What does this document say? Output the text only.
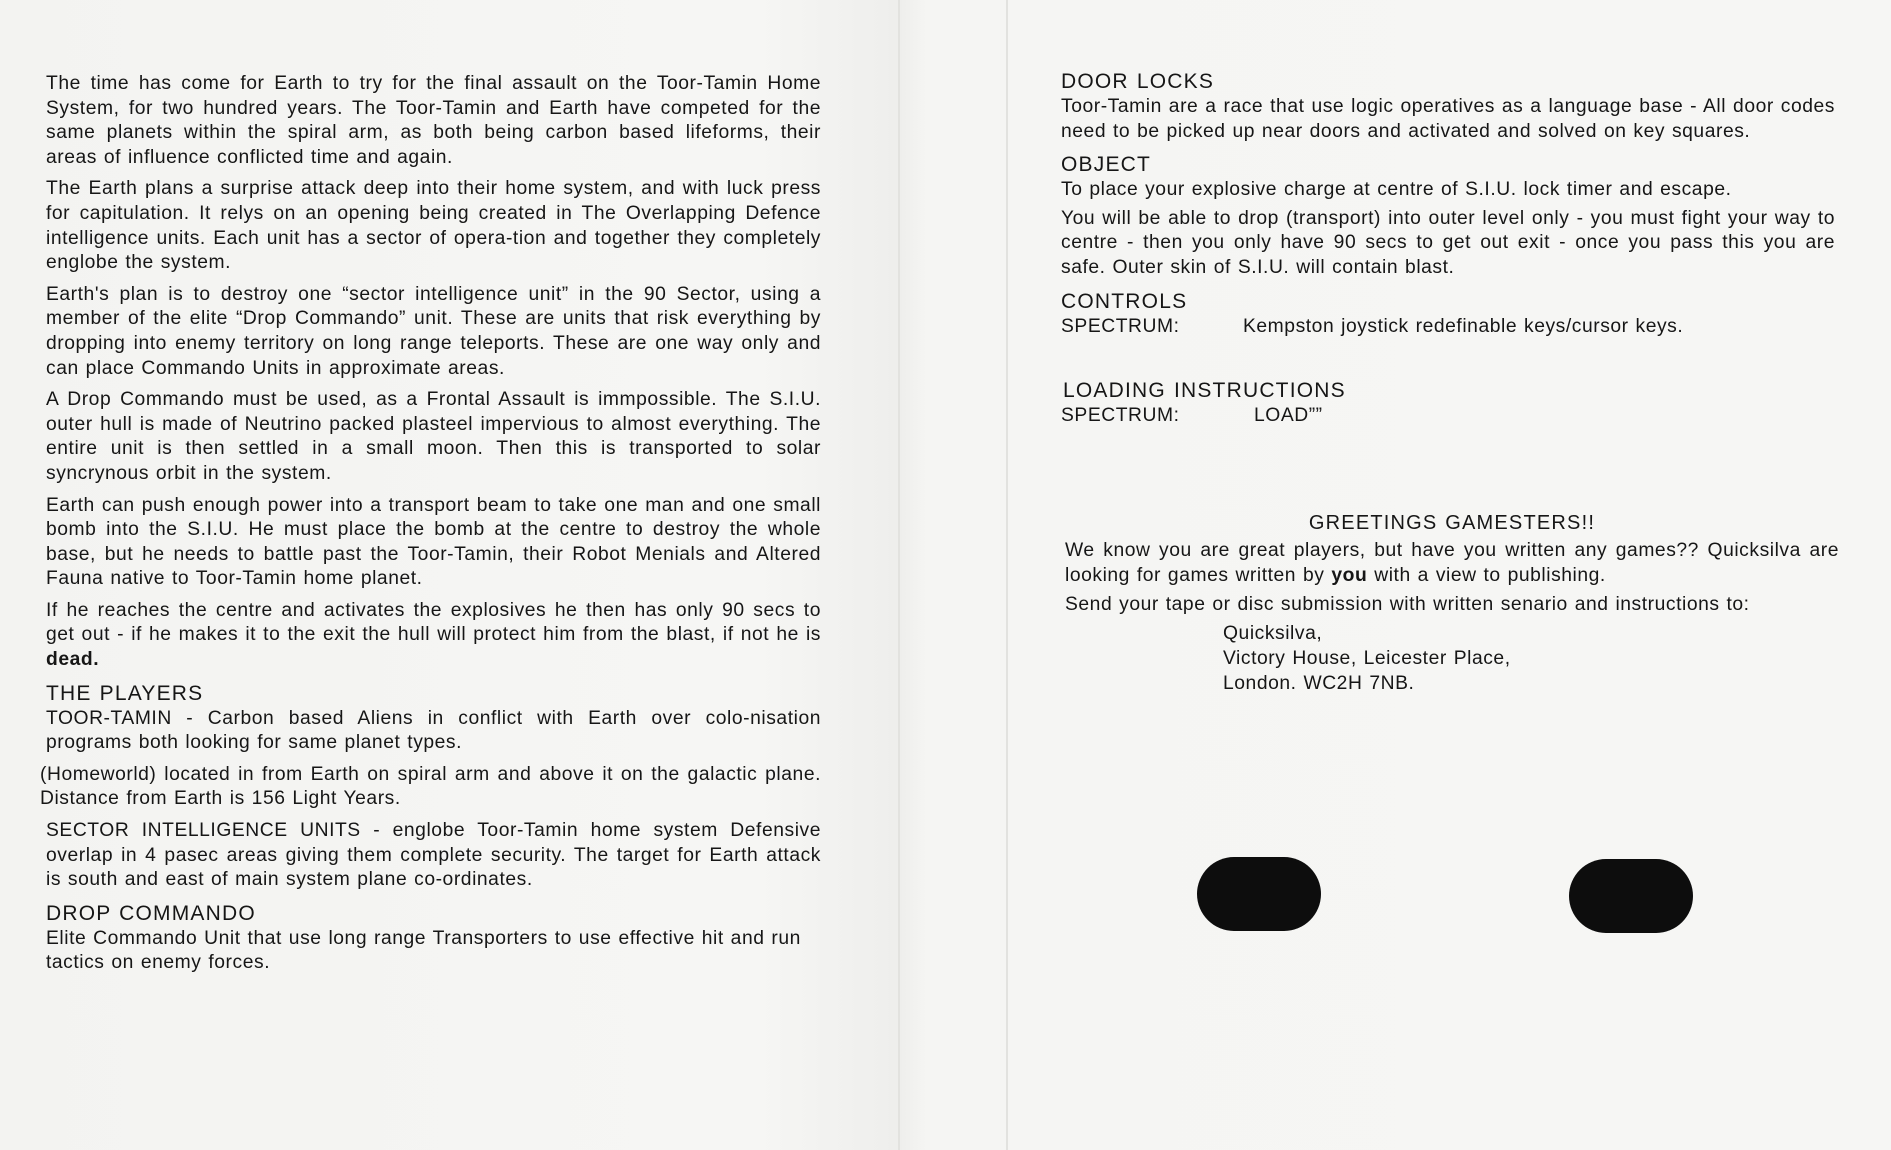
The time has come for Earth to try for the final assault on the Toor-Tamin Home System, for two hundred years. The Toor-Tamin and Earth have competed for the same planets within the spiral arm, as both being carbon based lifeforms, their areas of influence conflicted time and again.

The Earth plans a surprise attack deep into their home system, and with luck press for capitulation. It relys on an opening being created in The Overlapping Defence intelligence units. Each unit has a sector of opera-tion and together they completely englobe the system.

Earth's plan is to destroy one “sector intelligence unit” in the 90 Sector, using a member of the elite “Drop Commando” unit. These are units that risk everything by dropping into enemy territory on long range teleports. These are one way only and can place Commando Units in approximate areas.

A Drop Commando must be used, as a Frontal Assault is immpossible. The S.I.U. outer hull is made of Neutrino packed plasteel impervious to almost everything. The entire unit is then settled in a small moon. Then this is transported to solar syncrynous orbit in the system.

Earth can push enough power into a transport beam to take one man and one small bomb into the S.I.U. He must place the bomb at the centre to destroy the whole base, but he needs to battle past the Toor-Tamin, their Robot Menials and Altered Fauna native to Toor-Tamin home planet.

If he reaches the centre and activates the explosives he then has only 90 secs to get out - if he makes it to the exit the hull will protect him from the blast, if not he is dead.

THE PLAYERS

TOOR-TAMIN - Carbon based Aliens in conflict with Earth over colo-nisation programs both looking for same planet types.

(Homeworld) located in from Earth on spiral arm and above it on the galactic plane. Distance from Earth is 156 Light Years.

SECTOR INTELLIGENCE UNITS - englobe Toor-Tamin home system Defensive overlap in 4 pasec areas giving them complete security. The target for Earth attack is south and east of main system plane co-ordinates.

DROP COMMANDO

Elite Commando Unit that use long range Transporters to use effective hit and run tactics on enemy forces.

DOOR LOCKS

Toor-Tamin are a race that use logic operatives as a language base - All door codes need to be picked up near doors and activated and solved on key squares.

OBJECT

To place your explosive charge at centre of S.I.U. lock timer and escape.

You will be able to drop (transport) into outer level only - you must fight your way to centre - then you only have 90 secs to get out exit - once you pass this you are safe. Outer skin of S.I.U. will contain blast.

CONTROLS
SPECTRUM:	Kempston joystick redefinable keys/cursor keys.
LOADING INSTRUCTIONS
SPECTRUM:	LOAD””
GREETINGS GAMESTERS!!

We know you are great players, but have you written any games?? Quicksilva are looking for games written by you with a view to publishing.

Send your tape or disc submission with written senario and instructions to:

Quicksilva,
Victory House, Leicester Place,
London. WC2H 7NB.
